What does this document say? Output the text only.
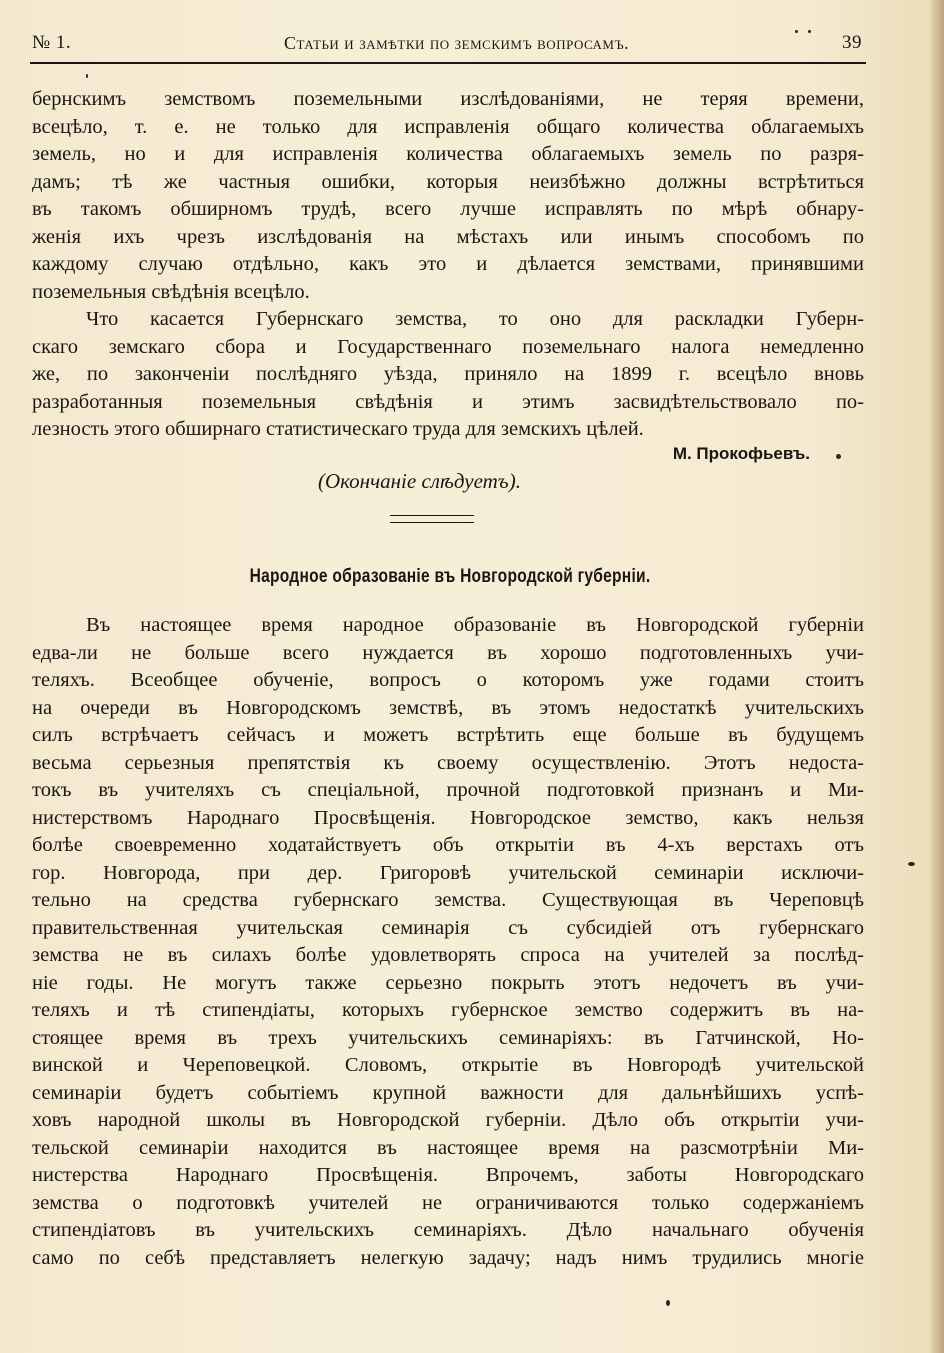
№ 1.	Статьи и замѣтки по земскимъ вопросамъ.	39
бернскимъ земствомъ поземельными изслѣдованіями, не теряя времени,
всецѣло, т. е. не только для исправленія общаго количества облагаемыхъ
земель, но и для исправленія количества облагаемыхъ земель по разря-
дамъ; тѣ же частныя ошибки, которыя неизбѣжно должны встрѣтиться
въ такомъ обширномъ трудѣ, всего лучше исправлять по мѣрѣ обнару-
женія ихъ чрезъ изслѣдованія на мѣстахъ или инымъ способомъ по
каждому случаю отдѣльно, какъ это и дѣлается земствами, принявшими
поземельныя свѣдѣнія всецѣло.
Что касается Губернскаго земства, то оно для раскладки Губерн-
скаго земскаго сбора и Государственнаго поземельнаго налога немедленно
же, по законченіи послѣдняго уѣзда, приняло на 1899 г. всецѣло вновь
разработанныя поземельныя свѣдѣнія и этимъ засвидѣтельствовало по-
лезность этого обширнаго статистическаго труда для земскихъ цѣлей.
М. Прокофьевъ.
(Окончаніе слѣдуетъ).
Народное образованіе въ Новгородской губерніи.
Въ настоящее время народное образованіе въ Новгородской губерніи
едва-ли не больше всего нуждается въ хорошо подготовленныхъ учи-
теляхъ. Всеобщее обученіе, вопросъ о которомъ уже годами стоитъ
на очереди въ Новгородскомъ земствѣ, въ этомъ недостаткѣ учительскихъ
силъ встрѣчаетъ сейчасъ и можетъ встрѣтить еще больше въ будущемъ
весьма серьезныя препятствія къ своему осуществленію. Этотъ недоста-
токъ въ учителяхъ съ спеціальной, прочной подготовкой признанъ и Ми-
нистерствомъ Народнаго Просвѣщенія. Новгородское земство, какъ нельзя
болѣе своевременно ходатайствуетъ объ открытіи въ 4-хъ верстахъ отъ
гор. Новгорода, при дер. Григоровѣ учительской семинаріи исключи-
тельно на средства губернскаго земства. Существующая въ Череповцѣ
правительственная учительская семинарія съ субсидіей отъ губернскаго
земства не въ силахъ болѣе удовлетворять спроса на учителей за послѣд-
ніе годы. Не могутъ также серьезно покрыть этотъ недочетъ въ учи-
теляхъ и тѣ стипендіаты, которыхъ губернское земство содержитъ въ на-
стоящее время въ трехъ учительскихъ семинаріяхъ: въ Гатчинской, Но-
винской и Череповецкой. Словомъ, открытіе въ Новгородѣ учительской
семинаріи будетъ событіемъ крупной важности для дальнѣйшихъ успѣ-
ховъ народной школы въ Новгородской губерніи. Дѣло объ открытіи учи-
тельской семинаріи находится въ настоящее время на разсмотрѣніи Ми-
нистерства Народнаго Просвѣщенія. Впрочемъ, заботы Новгородскаго
земства о подготовкѣ учителей не ограничиваются только содержаніемъ
стипендіатовъ въ учительскихъ семинаріяхъ. Дѣло начальнаго обученія
само по себѣ представляетъ нелегкую задачу; надъ нимъ трудились многіе
